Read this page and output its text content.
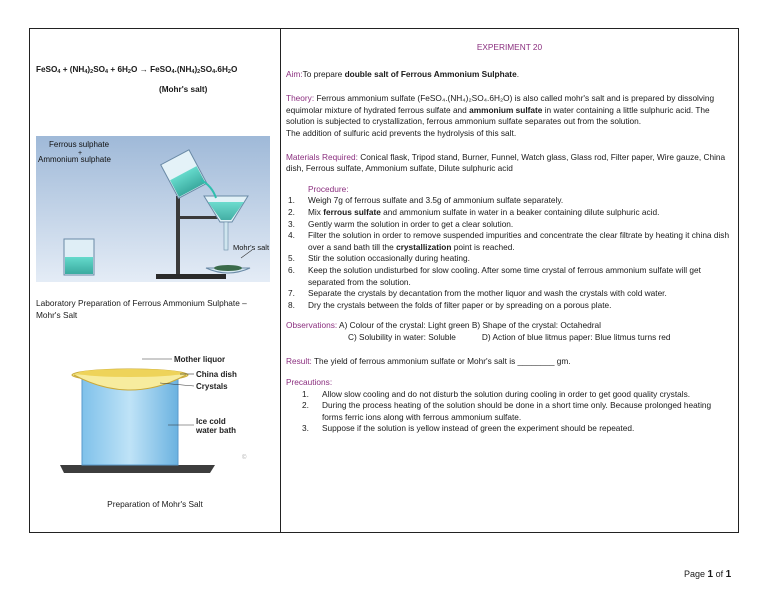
FeSO$_4$ + $(NH_4)_2SO_4 + 6H_2O$ → $FeSO_4.(NH_4)_2SO_4.6H_2O$
(Mohr's salt)
Ferrous sulphate
+
Ammonium sulphate
Mohr's salt
Laboratory Preparation of Ferrous Ammonium Sulphate – Mohr's Salt
Mother liquor
China dish
Crystals
Ice cold
water bath
©
Preparation of Mohr's Salt
EXPERIMENT 20
Aim:To prepare double salt of Ferrous Ammonium Sulphate.
Theory: Ferrous ammonium sulfate (FeSO₄.(NH₄)₂SO₄.6H₂O) is also called mohr's salt and is prepared by dissolving equimolar mixture of hydrated ferrous sulfate and ammonium sulfate in water containing a little sulphuric acid. The solution is subjected to crystallization, ferrous ammonium sulfate separates out from the solution.
The addition of sulfuric acid prevents the hydrolysis of this salt.
Materials Required: Conical flask, Tripod stand, Burner, Funnel, Watch glass, Glass rod, Filter paper, Wire gauze, China dish, Ferrous sulfate, Ammonium sulfate, Dilute sulphuric acid
Procedure:
1. Weigh 7g of ferrous sulfate and 3.5g of ammonium sulfate separately.
2. Mix ferrous sulfate and ammonium sulfate in water in a beaker containing dilute sulphuric acid.
3. Gently warm the solution in order to get a clear solution.
4. Filter the solution in order to remove suspended impurities and concentrate the clear filtrate by heating it china dish over a sand bath till the crystallization point is reached.
5. Stir the solution occasionally during heating.
6. Keep the solution undisturbed for slow cooling. After some time crystal of ferrous ammonium sulfate will get separated from the solution.
7. Separate the crystals by decantation from the mother liquor and wash the crystals with cold water.
8. Dry the crystals between the folds of filter paper or by spreading on a porous plate.
Observations: A) Colour of the crystal: Light green B) Shape of the crystal: Octahedral
C) Solubility in water: Soluble	D) Action of blue litmus paper: Blue litmus turns red
Result: The yield of ferrous ammonium sulfate or Mohr's salt is ________ gm.
Precautions:
1. Allow slow cooling and do not disturb the solution during cooling in order to get good quality crystals.
2. During the process heating of the solution should be done in a short time only. Because prolonged heating forms ferric ions along with ferrous ammonium sulfate.
3. Suppose if the solution is yellow instead of green the experiment should be repeated.
Page 1 of 1
